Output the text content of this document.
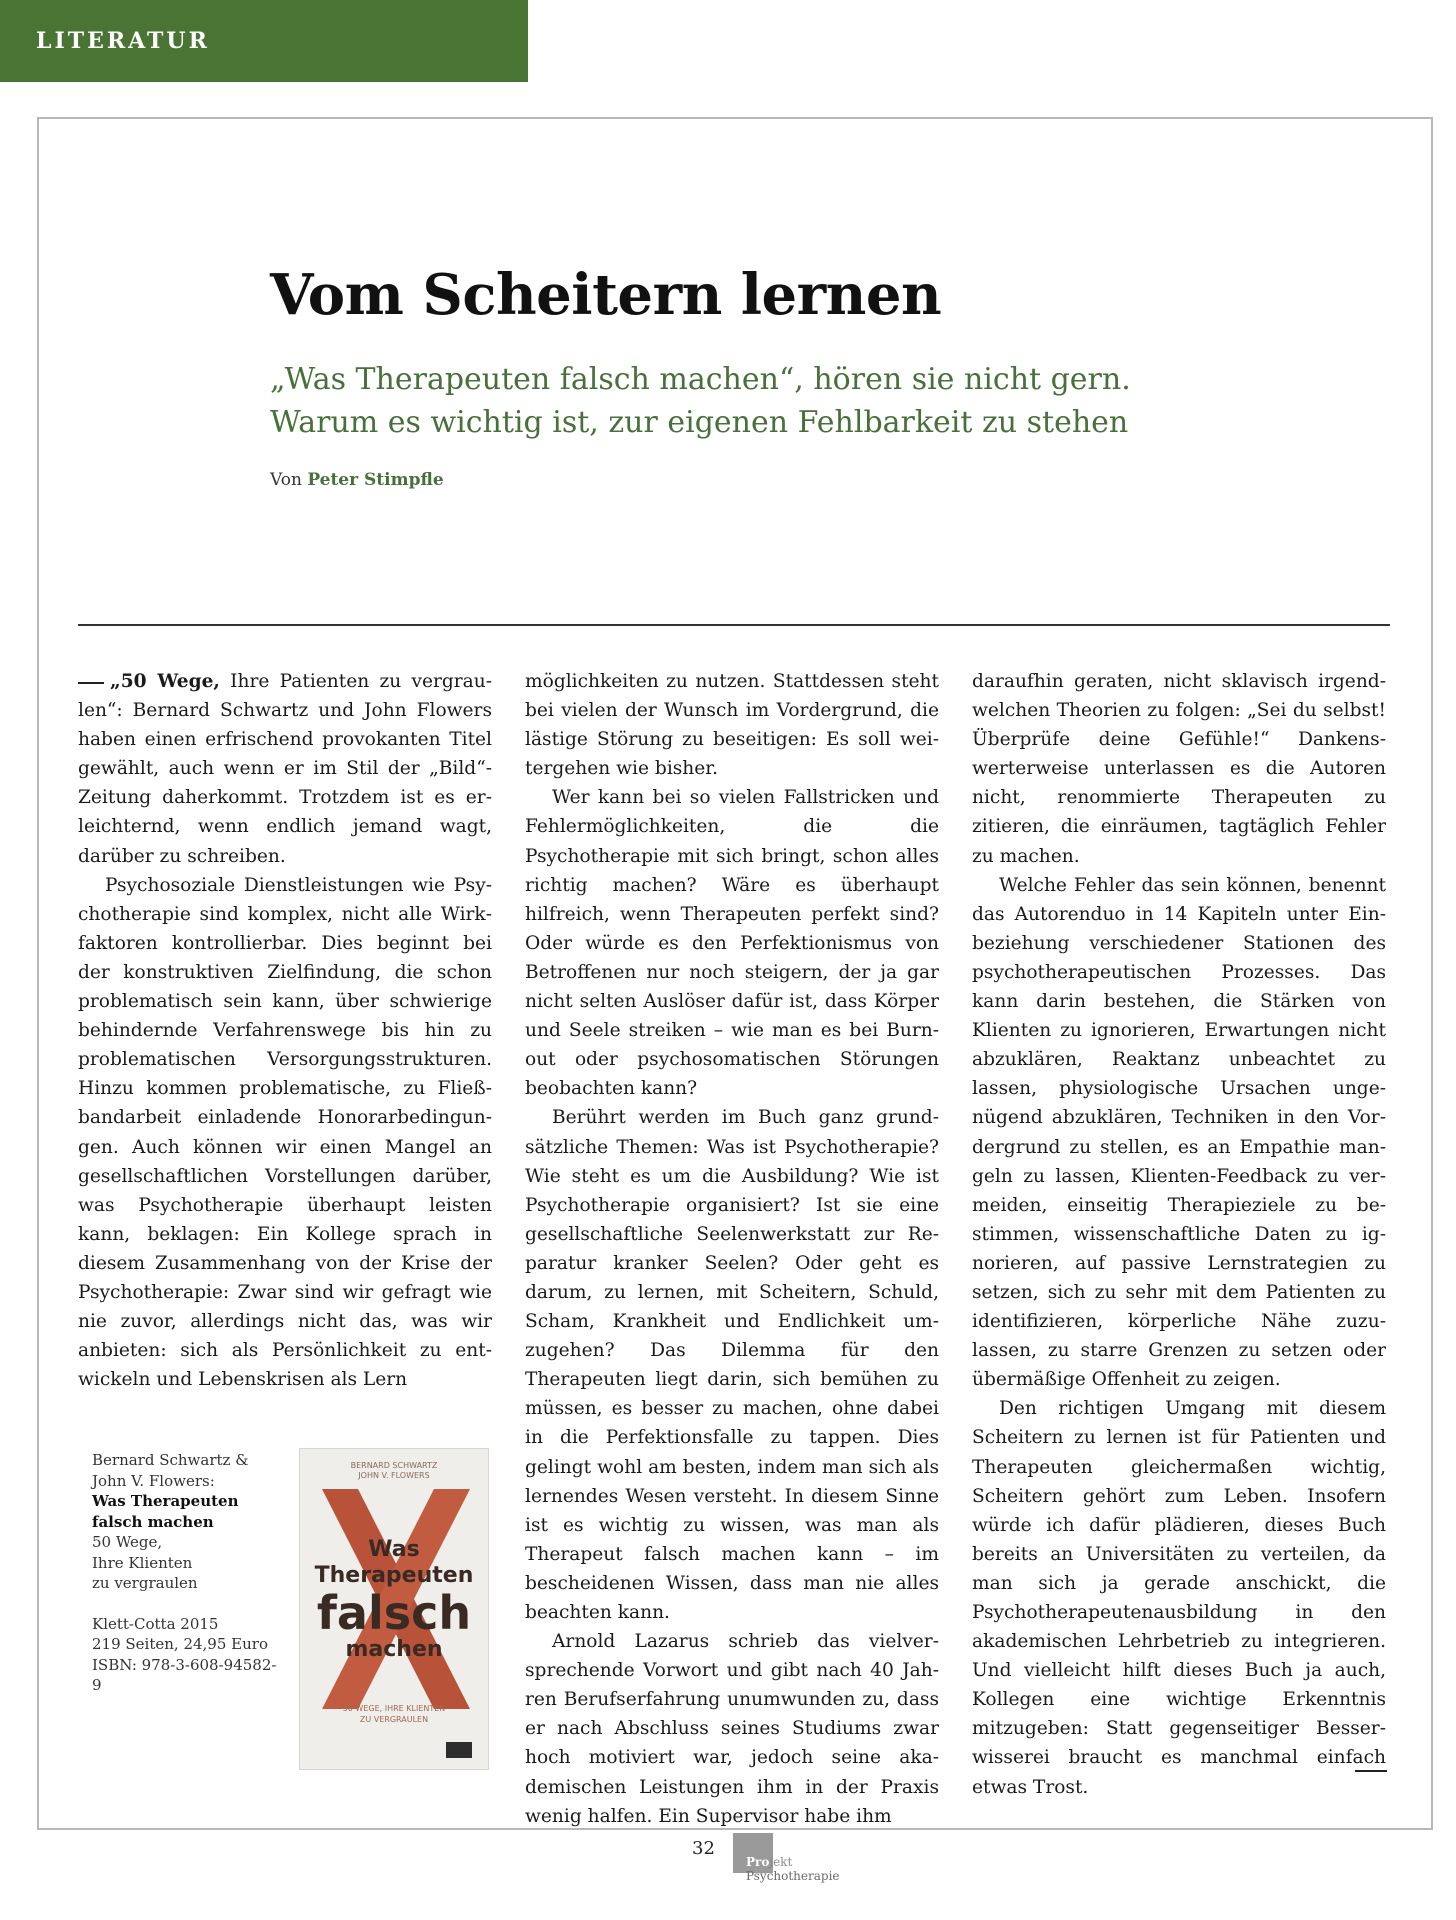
LITERATUR
Vom Scheitern lernen

„Was Therapeuten falsch machen“, hören sie nicht gern. Warum es wichtig ist, zur eigenen Fehlbarkeit zu stehen

Von Peter Stimpfle

„50 Wege, Ihre Patienten zu vergraulen“: Bernard Schwartz und John Flowers haben einen erfrischend provokanten Titel gewählt, auch wenn er im Stil der „Bild“-Zeitung daherkommt. Trotzdem ist es erleichternd, wenn endlich jemand wagt, darüber zu schreiben.

Psychosoziale Dienstleistungen wie Psychotherapie sind komplex, nicht alle Wirkfaktoren kontrollierbar. Dies beginnt bei der konstruktiven Zielfindung, die schon problematisch sein kann, über schwierige behindernde Verfahrenswege bis hin zu problematischen Versorgungsstrukturen. Hinzu kommen problematische, zu Fließbandarbeit einladende Honorarbedingungen. Auch können wir einen Mangel an gesellschaftlichen Vorstellungen darüber, was Psychotherapie überhaupt leisten kann, beklagen: Ein Kollege sprach in diesem Zusammenhang von der Krise der Psychotherapie: Zwar sind wir gefragt wie nie zuvor, allerdings nicht das, was wir anbieten: sich als Persönlichkeit zu entwickeln und Lebenskrisen als Lern

möglichkeiten zu nutzen. Stattdessen steht bei vielen der Wunsch im Vordergrund, die lästige Störung zu beseitigen: Es soll weitergehen wie bisher.

Wer kann bei so vielen Fallstricken und Fehlermöglichkeiten, die die Psychotherapie mit sich bringt, schon alles richtig machen? Wäre es überhaupt hilfreich, wenn Therapeuten perfekt sind? Oder würde es den Perfektionismus von Betroffenen nur noch steigern, der ja gar nicht selten Auslöser dafür ist, dass Körper und Seele streiken – wie man es bei Burn-out oder psychosomatischen Störungen beobachten kann?

Berührt werden im Buch ganz grundsätzliche Themen: Was ist Psychotherapie? Wie steht es um die Ausbildung? Wie ist Psychotherapie organisiert? Ist sie eine gesellschaftliche Seelenwerkstatt zur Reparatur kranker Seelen? Oder geht es darum, zu lernen, mit Scheitern, Schuld, Scham, Krankheit und Endlichkeit umzugehen? Das Dilemma für den Therapeuten liegt darin, sich bemühen zu müssen, es besser zu machen, ohne dabei in die Perfektionsfalle zu tappen. Dies gelingt wohl am besten, indem man sich als lernendes Wesen versteht. In diesem Sinne ist es wichtig zu wissen, was man als Therapeut falsch machen kann – im bescheidenen Wissen, dass man nie alles beachten kann.

Arnold Lazarus schrieb das vielversprechende Vorwort und gibt nach 40 Jahren Berufserfahrung unumwunden zu, dass er nach Abschluss seines Studiums zwar hoch motiviert war, jedoch seine akademischen Leistungen ihm in der Praxis wenig halfen. Ein Supervisor habe ihm

daraufhin geraten, nicht sklavisch irgendwelchen Theorien zu folgen: „Sei du selbst! Überprüfe deine Gefühle!“ Dankenswerterweise unterlassen es die Autoren nicht, renommierte Therapeuten zu zitieren, die einräumen, tagtäglich Fehler zu machen.

Welche Fehler das sein können, benennt das Autorenduo in 14 Kapiteln unter Einbeziehung verschiedener Stationen des psychotherapeutischen Prozesses. Das kann darin bestehen, die Stärken von Klienten zu ignorieren, Erwartungen nicht abzuklären, Reaktanz unbeachtet zu lassen, physiologische Ursachen ungenügend abzuklären, Techniken in den Vordergrund zu stellen, es an Empathie mangeln zu lassen, Klienten-Feedback zu vermeiden, einseitig Therapieziele zu bestimmen, wissenschaftliche Daten zu ignorieren, auf passive Lernstrategien zu setzen, sich zu sehr mit dem Patienten zu identifizieren, körperliche Nähe zuzulassen, zu starre Grenzen zu setzen oder übermäßige Offenheit zu zeigen.

Den richtigen Umgang mit diesem Scheitern zu lernen ist für Patienten und Therapeuten gleichermaßen wichtig, Scheitern gehört zum Leben. Insofern würde ich dafür plädieren, dieses Buch bereits an Universitäten zu verteilen, da man sich ja gerade anschickt, die Psychotherapeutenausbildung in den akademischen Lehrbetrieb zu integrieren. Und vielleicht hilft dieses Buch ja auch, Kollegen eine wichtige Erkenntnis mitzugeben: Statt gegenseitiger Besserwisserei braucht es manchmal einfach etwas Trost.

Bernard Schwartz &
John V. Flowers:
Was Therapeuten
falsch machen
50 Wege,
Ihre Klienten
zu vergraulen
Klett-Cotta 2015
219 Seiten, 24,95 Euro
ISBN: 978-3-608-94582-9
BERNARD SCHWARTZ
JOHN V. FLOWERS
Was
Therapeuten
falsch
machen
50 WEGE, IHRE KLIENTEN
ZU VERGRAULEN
32
Projekt
Psychotherapie
